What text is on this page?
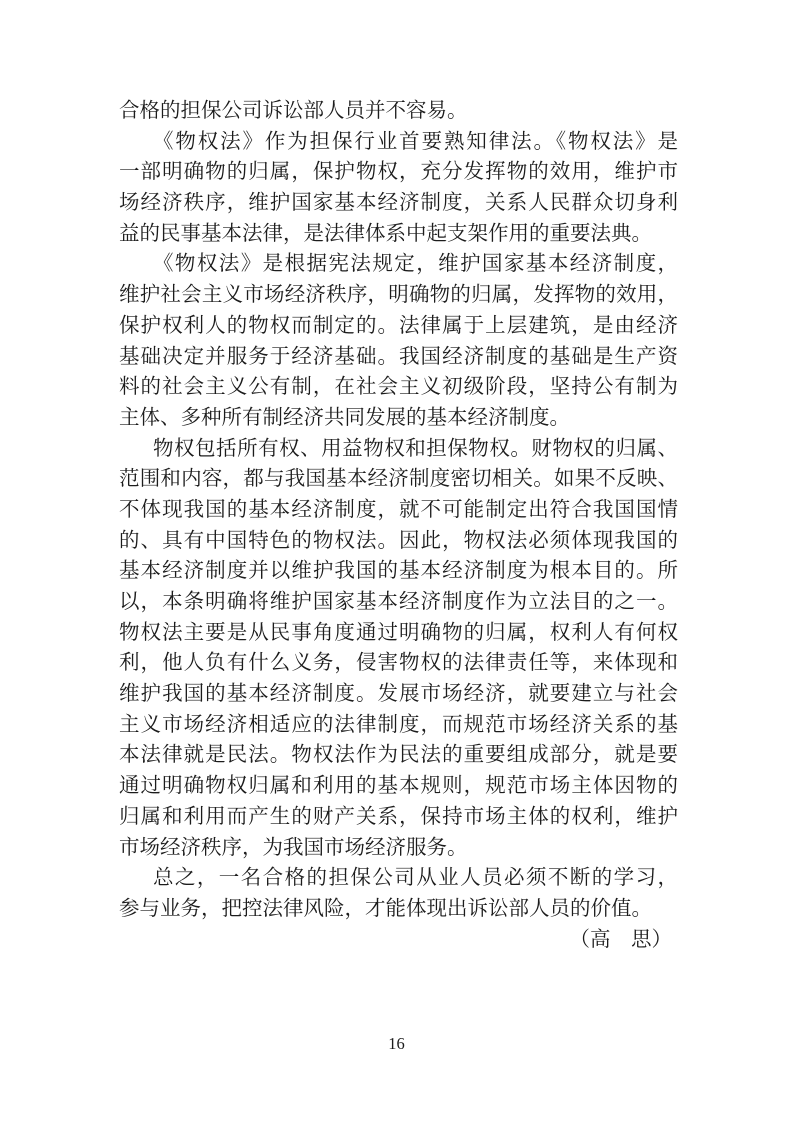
合格的担保公司诉讼部人员并不容易。
《物权法》作为担保行业首要熟知律法。《物权法》是
一部明确物的归属，保护物权，充分发挥物的效用，维护市
场经济秩序，维护国家基本经济制度，关系人民群众切身利
益的民事基本法律，是法律体系中起支架作用的重要法典。
《物权法》是根据宪法规定，维护国家基本经济制度，
维护社会主义市场经济秩序，明确物的归属，发挥物的效用，
保护权利人的物权而制定的。法律属于上层建筑，是由经济
基础决定并服务于经济基础。我国经济制度的基础是生产资
料的社会主义公有制，在社会主义初级阶段，坚持公有制为
主体、多种所有制经济共同发展的基本经济制度。
物权包括所有权、用益物权和担保物权。财物权的归属、
范围和内容，都与我国基本经济制度密切相关。如果不反映、
不体现我国的基本经济制度，就不可能制定出符合我国国情
的、具有中国特色的物权法。因此，物权法必须体现我国的
基本经济制度并以维护我国的基本经济制度为根本目的。所
以，本条明确将维护国家基本经济制度作为立法目的之一。
物权法主要是从民事角度通过明确物的归属，权利人有何权
利，他人负有什么义务，侵害物权的法律责任等，来体现和
维护我国的基本经济制度。发展市场经济，就要建立与社会
主义市场经济相适应的法律制度，而规范市场经济关系的基
本法律就是民法。物权法作为民法的重要组成部分，就是要
通过明确物权归属和利用的基本规则，规范市场主体因物的
归属和利用而产生的财产关系，保持市场主体的权利，维护
市场经济秩序，为我国市场经济服务。
总之，一名合格的担保公司从业人员必须不断的学习，
参与业务，把控法律风险，才能体现出诉讼部人员的价值。
（高　思）
16
